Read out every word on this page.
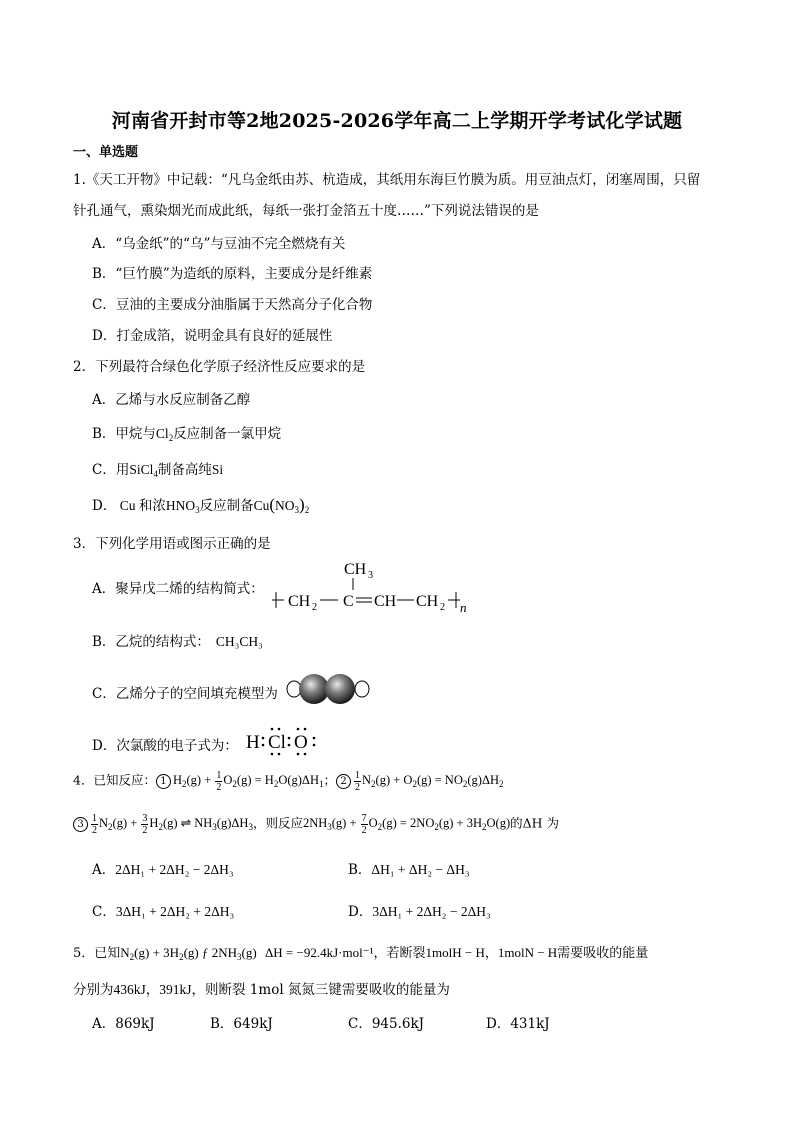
河南省开封市等2地2025-2026学年高二上学期开学考试化学试题
一、单选题
1.《天工开物》中记载：“凡乌金纸由苏、杭造成，其纸用东海巨竹膜为质。用豆油点灯，闭塞周围，只留
针孔通气，熏染烟光而成此纸，每纸一张打金箔五十度……”下列说法错误的是
A．“乌金纸”的“乌”与豆油不完全燃烧有关
B．“巨竹膜”为造纸的原料，主要成分是纤维素
C．豆油的主要成分油脂属于天然高分子化合物
D．打金成箔，说明金具有良好的延展性
2．下列最符合绿色化学原子经济性反应要求的是
A．乙烯与水反应制备乙醇
B．甲烷与$Cl_2$反应制备一氯甲烷
C．用SiCl$_4$制备高纯Si
D． Cu 和浓$HNO_3$反应制备$Cu(NO_3)_2$
3．下列化学用语或图示正确的是
A．聚异戊二烯的结构简式：
CH 3
CH 2 C CH CH 2 n
B．乙烷的结构式： CH₃CH₃
C．乙烯分子的空间填充模型为
D．次氯酸的电子式为： H Cl O
4．已知反应： 1 $H_2(g) + \frac{1}{2} O_2(g) = H_2O(g)\Delta H_1$； $2 \frac{1}{2} N_2(g) + O_2(g) = NO_2(g)\Delta H_2$
$3 \frac{1}{2} N_2(g) + \frac{3}{2} H_2(g)$ ⇌ $NH_3(g)\Delta H_3$，则反应$2NH_3(g) + \frac{7}{2} O_2(g) = 2NO_2(g) + 3H_2O(g)$的ΔH 为
A．2ΔH₁ + 2ΔH₂ − 2ΔH₃	B．ΔH₁ + ΔH₂ − ΔH₃
C．3ΔH₁ + 2ΔH₂ + 2ΔH₃	D．3ΔH₁ + 2ΔH₂ − 2ΔH₃
5．已知$N_2(g) + 3H_2(g)$ ƒ $2NH_3(g) \Delta H = -92.4kJ\cdot mol^{-1}$，若断裂1molH − H，1molN − H需要吸收的能量
分别为436kJ，391kJ，则断裂 1mol 氮氮三键需要吸收的能量为
A．869kJ	B．649kJ	C．945.6kJ	D．431kJ
